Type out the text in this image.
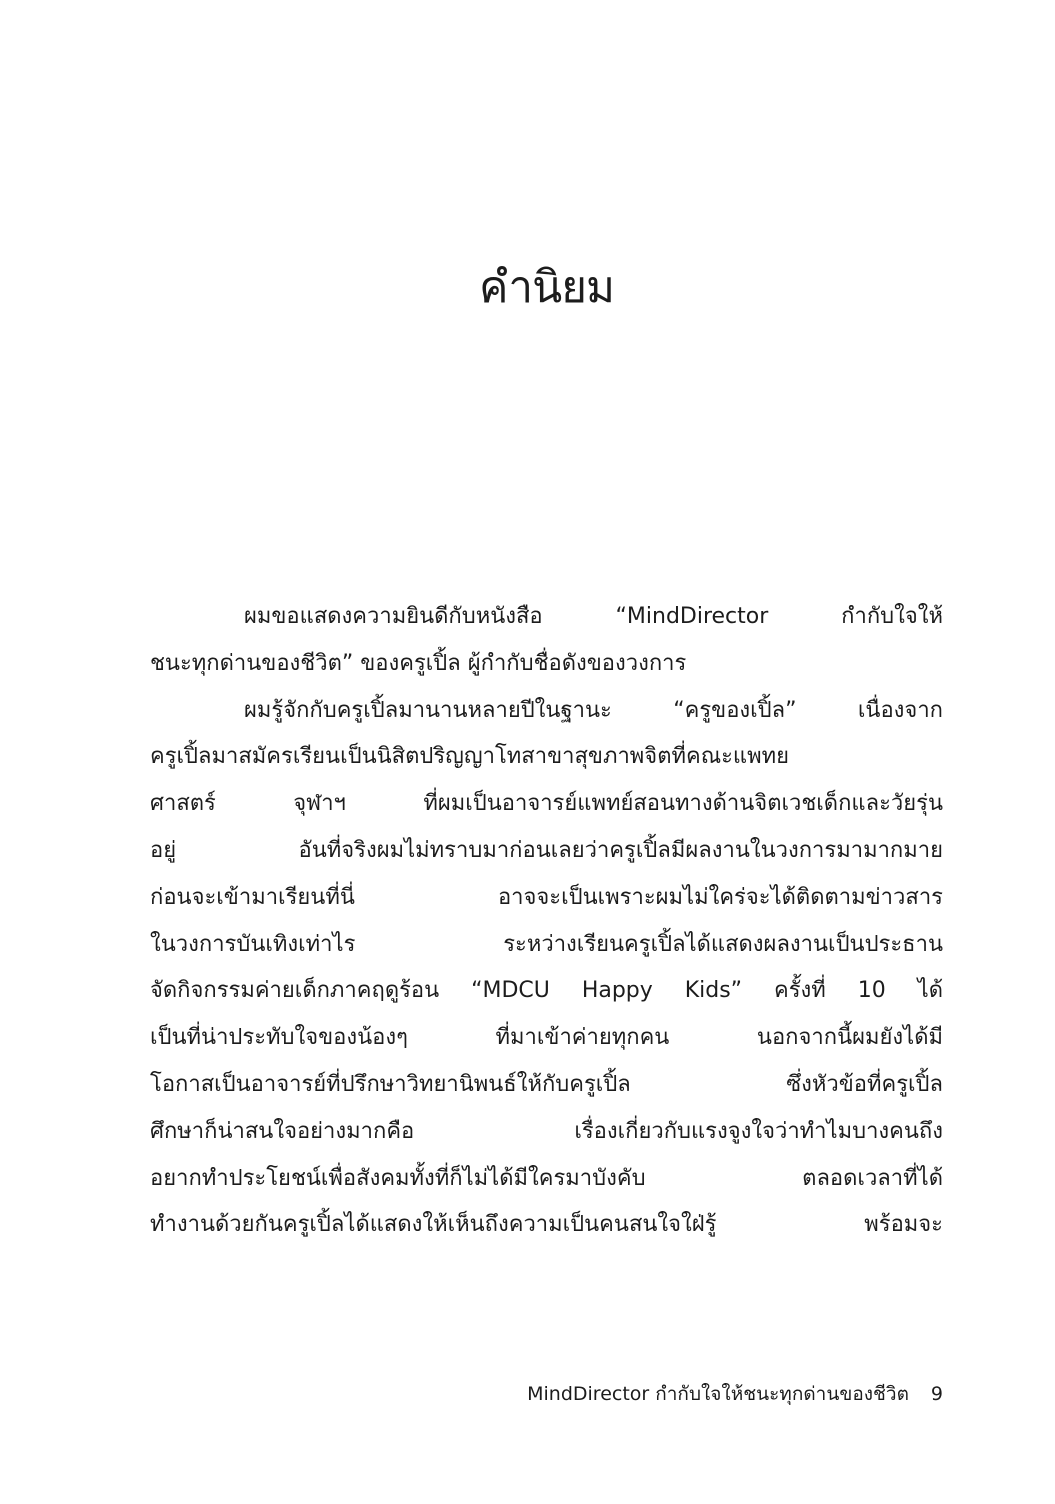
คำนิยม
ผมขอแสดงความยินดีกับหนังสือ “MindDirector กำกับใจให้
ชนะทุกด่านของชีวิต” ของครูเปิ้ล ผู้กำกับชื่อดังของวงการ
ผมรู้จักกับครูเปิ้ลมานานหลายปีในฐานะ “ครูของเปิ้ล” เนื่องจาก
ครูเปิ้ลมาสมัครเรียนเป็นนิสิตปริญญาโทสาขาสุขภาพจิตที่คณะแพทย
ศาสตร์ จุฬาฯ ที่ผมเป็นอาจารย์แพทย์สอนทางด้านจิตเวชเด็กและวัยรุ่น
อยู่ อันที่จริงผมไม่ทราบมาก่อนเลยว่าครูเปิ้ลมีผลงานในวงการมามากมาย
ก่อนจะเข้ามาเรียนที่นี่ อาจจะเป็นเพราะผมไม่ใคร่จะได้ติดตามข่าวสาร
ในวงการบันเทิงเท่าไร ระหว่างเรียนครูเปิ้ลได้แสดงผลงานเป็นประธาน
จัดกิจกรรมค่ายเด็กภาคฤดูร้อน “MDCU Happy Kids” ครั้งที่ 10 ได้
เป็นที่น่าประทับใจของน้องๆ ที่มาเข้าค่ายทุกคน นอกจากนี้ผมยังได้มี
โอกาสเป็นอาจารย์ที่ปรึกษาวิทยานิพนธ์ให้กับครูเปิ้ล ซึ่งหัวข้อที่ครูเปิ้ล
ศึกษาก็น่าสนใจอย่างมากคือ เรื่องเกี่ยวกับแรงจูงใจว่าทำไมบางคนถึง
อยากทำประโยชน์เพื่อสังคมทั้งที่ก็ไม่ได้มีใครมาบังคับ ตลอดเวลาที่ได้
ทำงานด้วยกันครูเปิ้ลได้แสดงให้เห็นถึงความเป็นคนสนใจใฝ่รู้ พร้อมจะ
MindDirector กำกับใจให้ชนะทุกด่านของชีวิต 9
